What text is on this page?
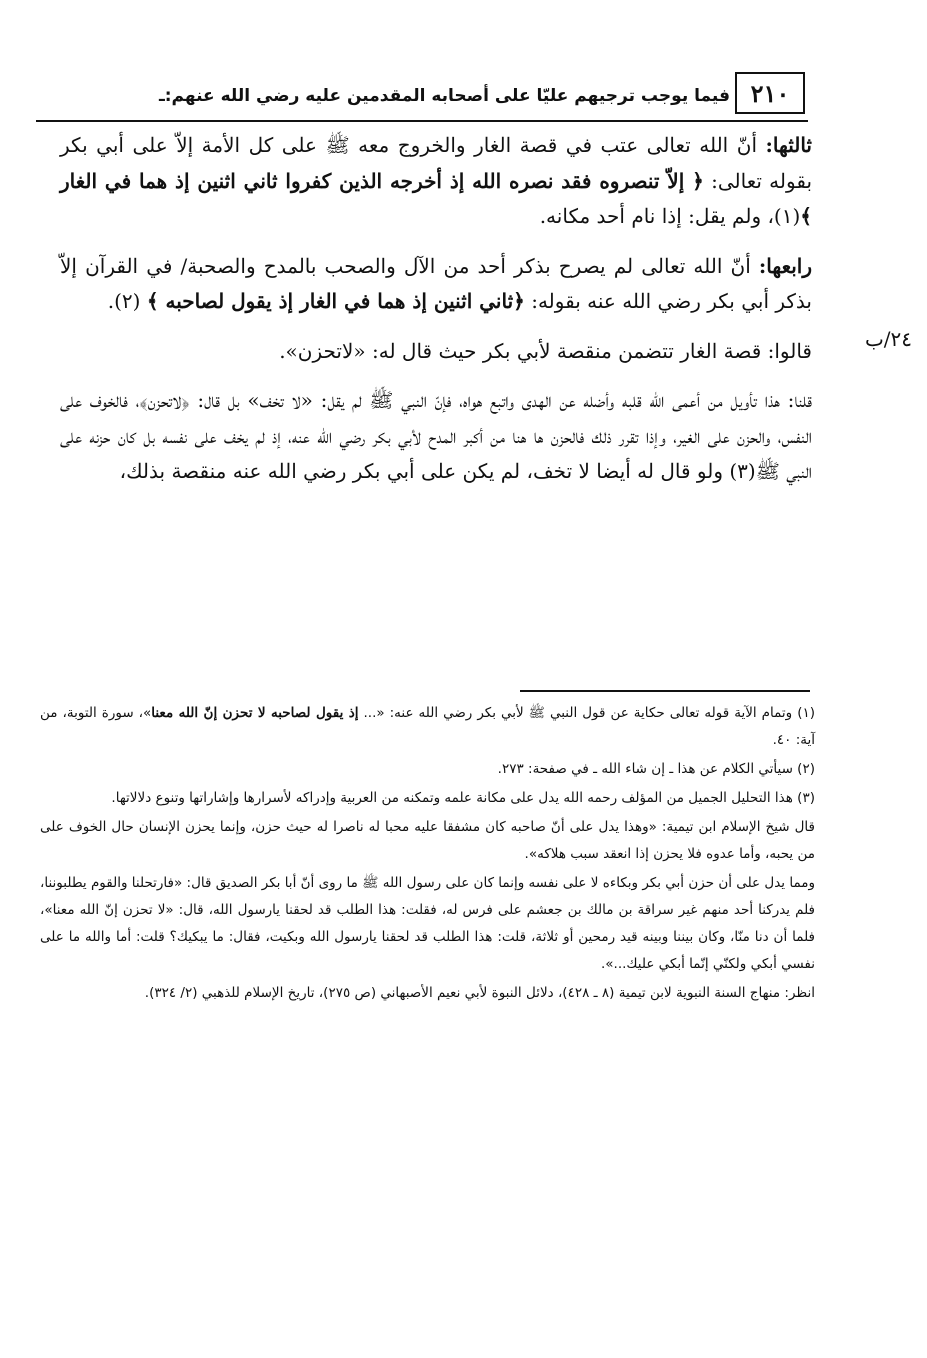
٢١٠
فيما يوجب ترجيهم عليّا على أصحابه المقدمين عليه رضي الله عنهم:ـ
٢٤/ب

ثالثها: أنّ الله تعالى عتب في قصة الغار والخروج معه ﷺ على كل الأمة إلاّ على أبي بكر بقوله تعالى: ﴿ إلاّ تنصروه فقد نصره الله إذ أخرجه الذين كفروا ثاني اثنين إذ هما في الغار ﴾(١)، ولم يقل: إذا نام أحد مكانه.

رابعها: أنّ الله تعالى لم يصرح بذكر أحد من الآل والصحب بالمدح والصحبة/ في القرآن إلاّ بذكر أبي بكر رضي الله عنه بقوله: ﴿ثاني اثنين إذ هما في الغار إذ يقول لصاحبه ﴾ (٢).

قالوا: قصة الغار تتضمن منقصة لأبي بكر حيث قال له: «لاتحزن».

قلنا: هذا تأويل من أعمى الله قلبه وأضله عن الهدى واتبع هواه، فإنّ النبي ﷺ لم يقل: «لا تخف» بل قال: ﴿لاتحزن﴾، فالخوف على النفس، والحزن على الغير، وإذا تقرر ذلك فالحزن ها هنا من أكبر المدح لأبي بكر رضي الله عنه، إذ لم يخف على نفسه بل كان حزنه على النبي ﷺ(٣) ولو قال له أيضا لا تخف، لم يكن على أبي بكر رضي الله عنه منقصة بذلك،

(١) وتمام الآية قوله تعالى حكاية عن قول النبي ﷺ لأبي بكر رضي الله عنه: «... إذ يقول لصاحبه لا تحزن إنّ الله معنا»، سورة التوبة، من آية: ٤٠.

(٢) سيأتي الكلام عن هذا ـ إن شاء الله ـ في صفحة: ٢٧٣.

(٣) هذا التحليل الجميل من المؤلف رحمه الله يدل على مكانة علمه وتمكنه من العربية وإدراكه لأسرارها وإشاراتها وتنوع دلالاتها.

قال شيخ الإسلام ابن تيمية: «وهذا يدل على أنّ صاحبه كان مشفقا عليه محبا له ناصرا له حيث حزن، وإنما يحزن الإنسان حال الخوف على من يحبه، وأما عدوه فلا يحزن إذا انعقد سبب هلاكه».

ومما يدل على أن حزن أبي بكر وبكاءه لا على نفسه وإنما كان على رسول الله ﷺ ما روى أنّ أبا بكر الصديق قال: «فارتحلنا والقوم يطلبوننا، فلم يدركنا أحد منهم غير سراقة بن مالك بن جعشم على فرس له، فقلت: هذا الطلب قد لحقنا يارسول الله، قال: «لا تحزن إنّ الله معنا»، فلما أن دنا منّا، وكان بيننا وبينه قيد رمحين أو ثلاثة، قلت: هذا الطلب قد لحقنا يارسول الله وبكيت، فقال: ما يبكيك؟ قلت: أما والله ما على نفسي أبكي ولكنّي إنّما أبكي عليك...».

انظر: منهاج السنة النبوية لابن تيمية (٨ ـ ٤٢٨)، دلائل النبوة لأبي نعيم الأصبهاني (ص ٢٧٥)، تاريخ الإسلام للذهبي (٢/ ٣٢٤).
